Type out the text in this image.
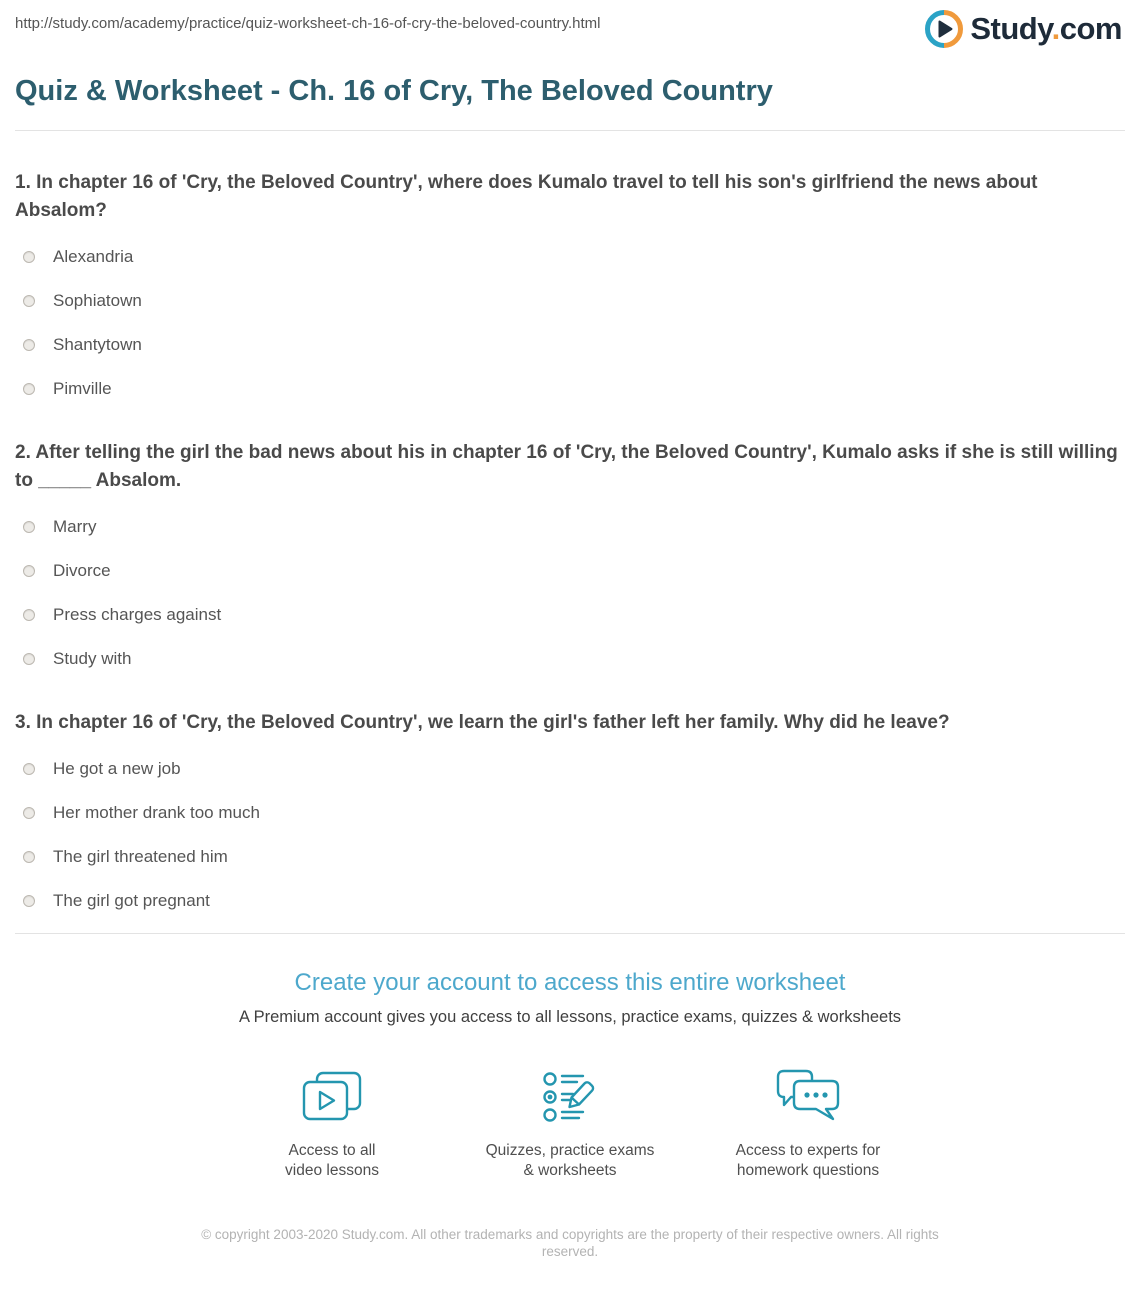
http://study.com/academy/practice/quiz-worksheet-ch-16-of-cry-the-beloved-country.html	Study.com
Quiz & Worksheet - Ch. 16 of Cry, The Beloved Country

1. In chapter 16 of 'Cry, the Beloved Country', where does Kumalo travel to tell his son's girlfriend the news about Absalom?

Alexandria
Sophiatown
Shantytown
Pimville

2. After telling the girl the bad news about his in chapter 16 of 'Cry, the Beloved Country', Kumalo asks if she is still willing to _____ Absalom.

Marry
Divorce
Press charges against
Study with

3. In chapter 16 of 'Cry, the Beloved Country', we learn the girl's father left her family. Why did he leave?

He got a new job
Her mother drank too much
The girl threatened him
The girl got pregnant
Create your account to access this entire worksheet
A Premium account gives you access to all lessons, practice exams, quizzes & worksheets
Access to all
video lessons
Quizzes, practice exams
& worksheets
Access to experts for
homework questions
© copyright 2003-2020 Study.com. All other trademarks and copyrights are the property of their respective owners. All rights reserved.
